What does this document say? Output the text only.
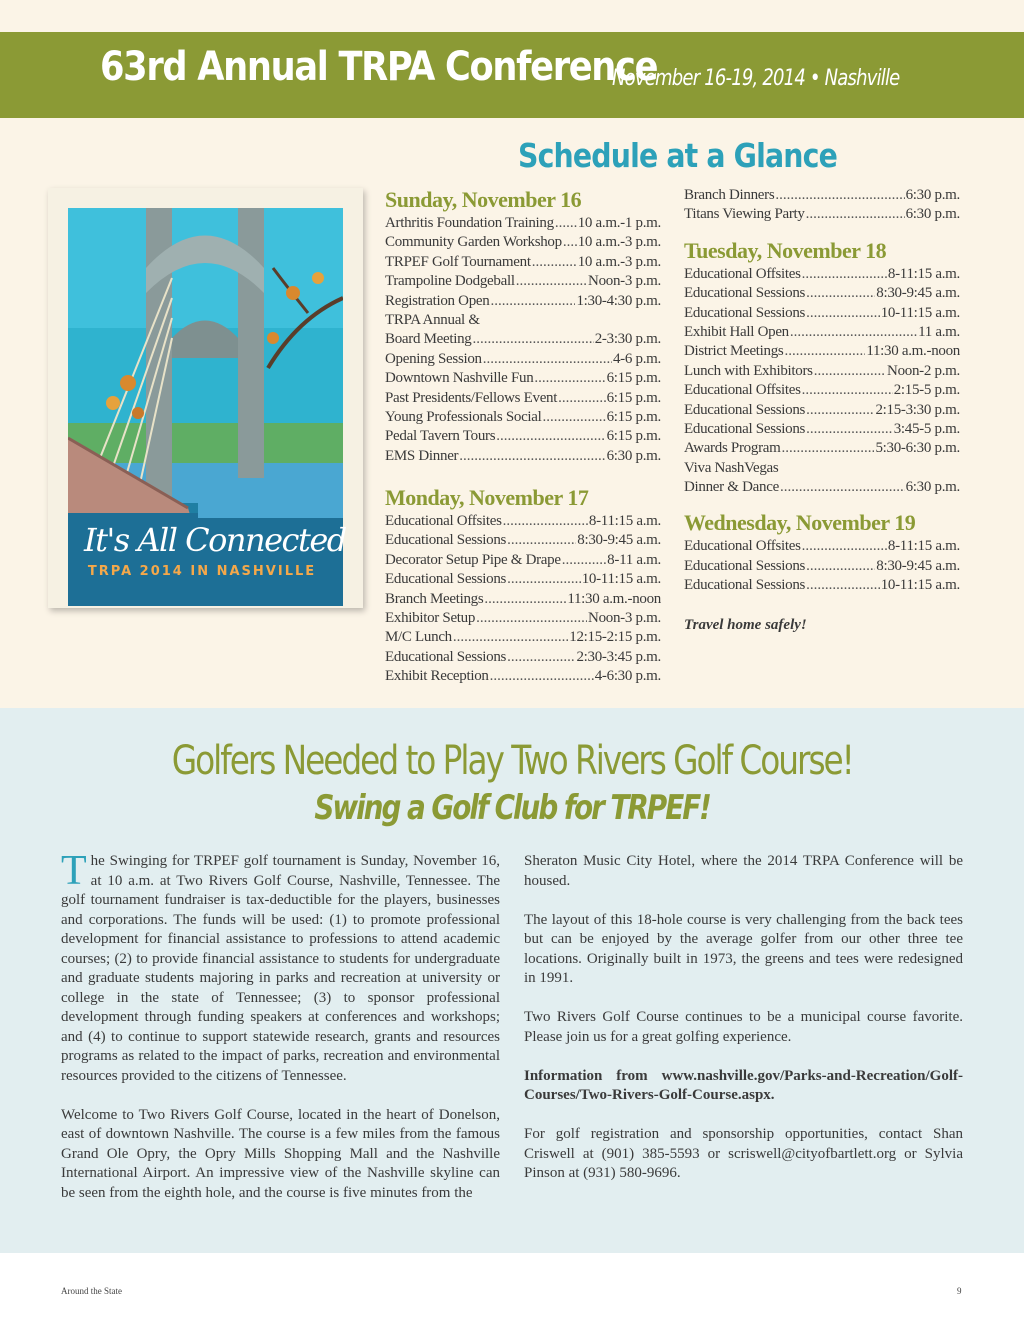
63rd Annual TRPA Conference
November 16-19, 2014 • Nashville
Schedule at a Glance
It's All Connected
TRPA 2014 IN NASHVILLE
Sunday, November 16
Arthritis Foundation Training ..... 10 a.m.-1 p.m.
Community Garden Workshop ..... 10 a.m.-3 p.m.
TRPEF Golf Tournament .....	10 a.m.-3 p.m.
Trampoline Dodgeball .....	Noon-3 p.m.
Registration Open .....	1:30-4:30 p.m.
TRPA Annual &
Board Meeting .....	2-3:30 p.m.
Opening Session .....	4-6 p.m.
Downtown Nashville Fun .....	6:15 p.m.
Past Presidents/Fellows Event .....	6:15 p.m.
Young Professionals Social .....	6:15 p.m.
Pedal Tavern Tours .....	6:15 p.m.
EMS Dinner .....	6:30 p.m.
Monday, November 17
Educational Offsites .....	8-11:15 a.m.
Educational Sessions .....	8:30-9:45 a.m.
Decorator Setup Pipe & Drape .....	8-11 a.m.
Educational Sessions .....	10-11:15 a.m.
Branch Meetings .....	11:30 a.m.-noon
Exhibitor Setup .....	Noon-3 p.m.
M/C Lunch .....	12:15-2:15 p.m.
Educational Sessions .....	2:30-3:45 p.m.
Exhibit Reception .....	4-6:30 p.m.
Branch Dinners .....	6:30 p.m.
Titans Viewing Party .....	6:30 p.m.
Tuesday, November 18
Educational Offsites .....	8-11:15 a.m.
Educational Sessions .....	8:30-9:45 a.m.
Educational Sessions .....	10-11:15 a.m.
Exhibit Hall Open .....	11 a.m.
District Meetings .....	11:30 a.m.-noon
Lunch with Exhibitors .....	Noon-2 p.m.
Educational Offsites .....	2:15-5 p.m.
Educational Sessions .....	2:15-3:30 p.m.
Educational Sessions .....	3:45-5 p.m.
Awards Program .....	5:30-6:30 p.m.
Viva NashVegas
Dinner & Dance .....	6:30 p.m.
Wednesday, November 19
Educational Offsites .....	8-11:15 a.m.
Educational Sessions .....	8:30-9:45 a.m.
Educational Sessions .....	10-11:15 a.m.
Travel home safely!
Golfers Needed to Play Two Rivers Golf Course!
Swing a Golf Club for TRPEF!

The Swinging for TRPEF golf tournament is Sunday, November 16, at 10 a.m. at Two Rivers Golf Course, Nashville, Tennessee. The golf tournament fundraiser is tax-deductible for the players, businesses and corporations. The funds will be used: (1) to promote professional development for financial assistance to professions to attend academic courses; (2) to provide financial assistance to students for undergraduate and graduate students majoring in parks and recreation at university or college in the state of Tennessee; (3) to sponsor professional development through funding speakers at conferences and workshops; and (4) to continue to support statewide research, grants and resources programs as related to the impact of parks, recreation and environmental resources provided to the citizens of Tennessee.

Welcome to Two Rivers Golf Course, located in the heart of Donelson, east of downtown Nashville. The course is a few miles from the famous Grand Ole Opry, the Opry Mills Shopping Mall and the Nashville International Airport. An impressive view of the Nashville skyline can be seen from the eighth hole, and the course is five minutes from the

Sheraton Music City Hotel, where the 2014 TRPA Conference will be housed.

The layout of this 18-hole course is very challenging from the back tees but can be enjoyed by the average golfer from our other three tee locations. Originally built in 1973, the greens and tees were redesigned in 1991.

Two Rivers Golf Course continues to be a municipal course favorite. Please join us for a great golfing experience.

Information from www.nashville.gov/Parks-and-Recreation/Golf-Courses/Two-Rivers-Golf-Course.aspx.

For golf registration and sponsorship opportunities, contact Shan Criswell at (901) 385-5593 or scriswell@cityofbartlett.org or Sylvia Pinson at (931) 580-9696.

Around the State	9
